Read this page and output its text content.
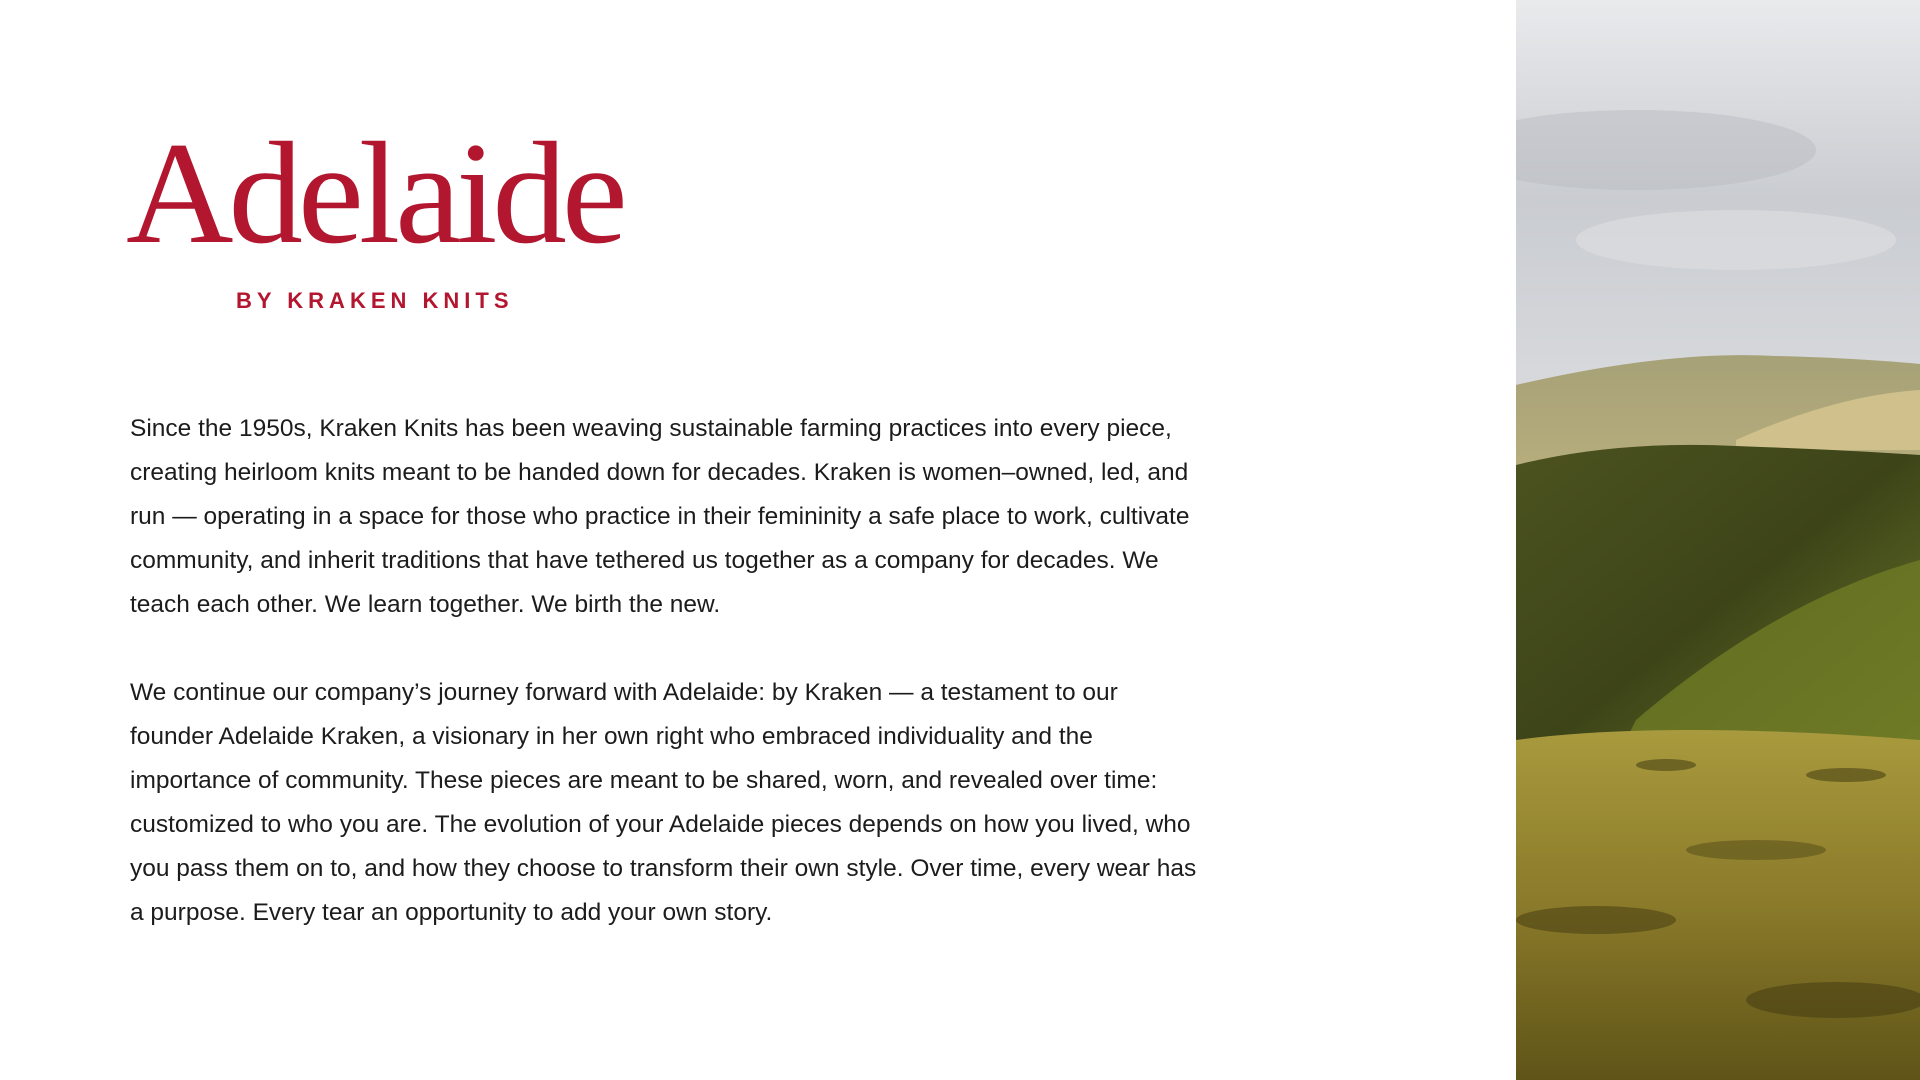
Adelaide
BY KRAKEN KNITS
Since the 1950s, Kraken Knits has been weaving sustainable farming practices into every piece,
creating heirloom knits meant to be handed down for decades. Kraken is women–owned, led, and
run — operating in a space for those who practice in their femininity a safe place to work, cultivate
community, and inherit traditions that have tethered us together as a company for decades. We
teach each other. We learn together. We birth the new.
We continue our company’s journey forward with Adelaide: by Kraken — a testament to our
founder Adelaide Kraken, a visionary in her own right who embraced individuality and the
importance of community. These pieces are meant to be shared, worn, and revealed over time:
customized to who you are. The evolution of your Adelaide pieces depends on how you lived, who
you pass them on to, and how they choose to transform their own style. Over time, every wear has
a purpose. Every tear an opportunity to add your own story.
